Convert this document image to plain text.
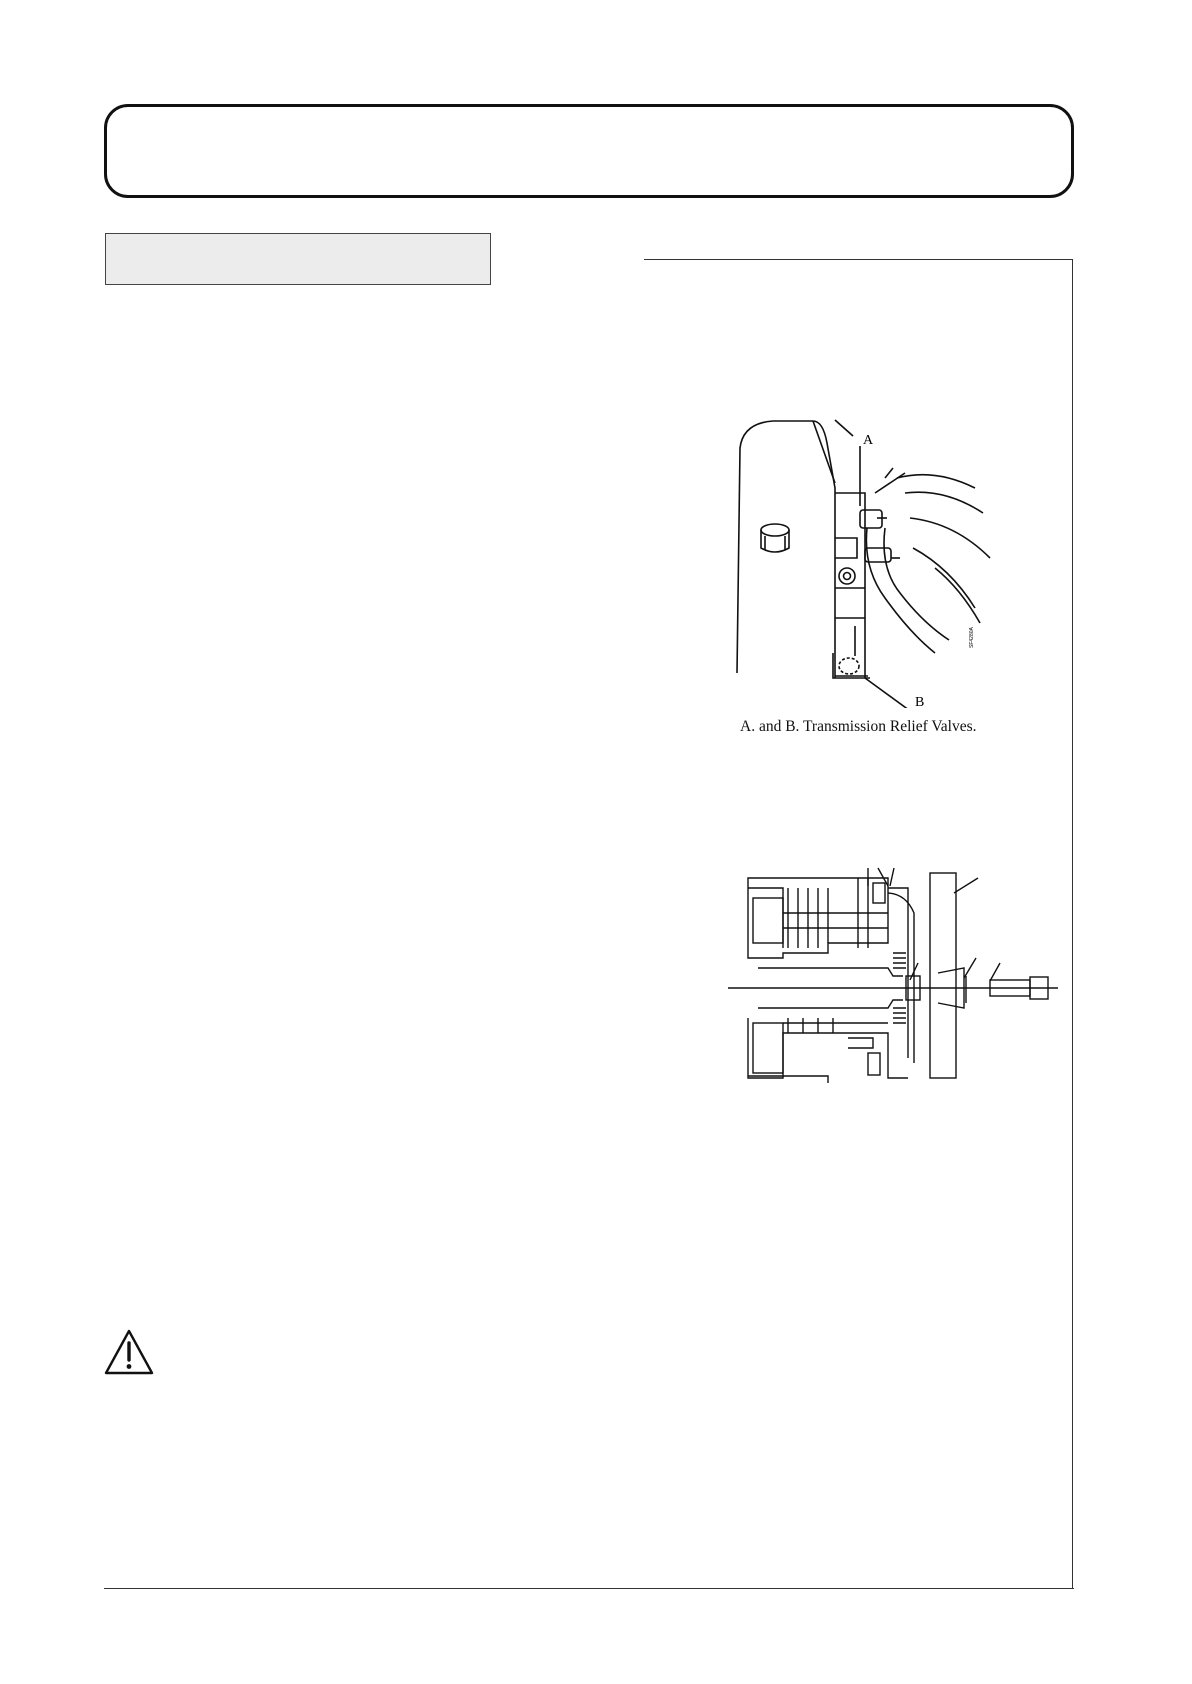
A
B
SF4280A
A. and B. Transmission Relief Valves.
